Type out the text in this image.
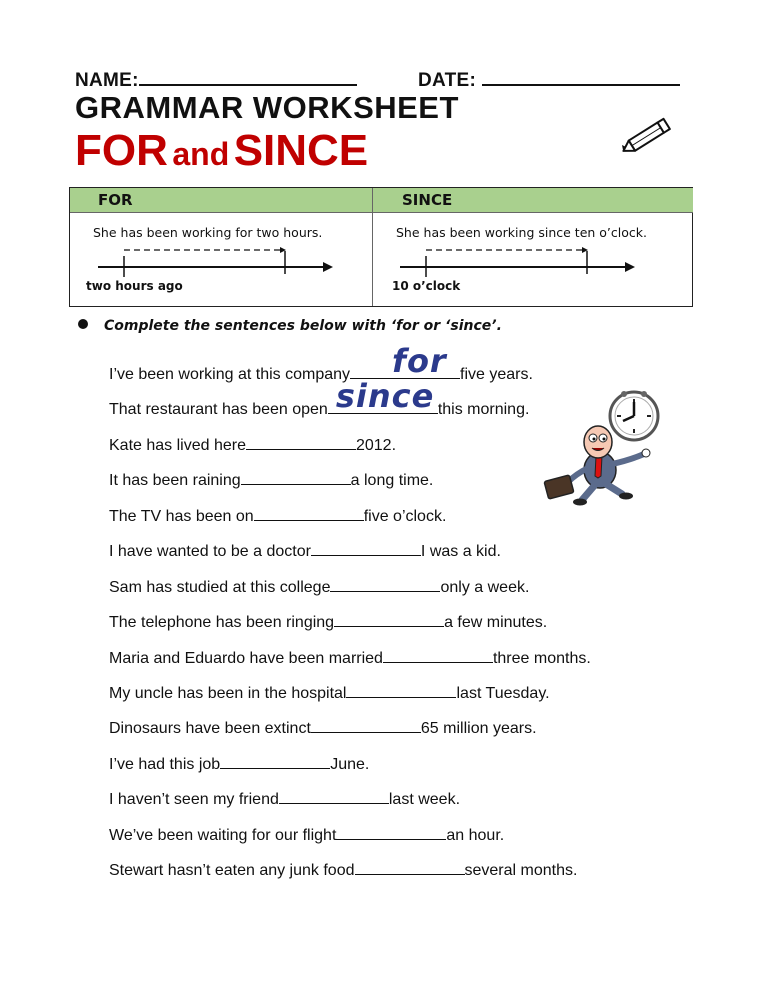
NAME:	DATE:
GRAMMAR WORKSHEET
FOR and SINCE
FOR	SINCE
She has been working for two hours.	She has been working since ten o’clock.
two hours ago	10 o’clock
Complete the sentences below with ‘for or ‘since’.
I’ve been working at this company for five years.
That restaurant has been open since this morning.
Kate has lived here	2012.
It has been raining	a long time.
The TV has been on	five o’clock.
I have wanted to be a doctor	I was a kid.
Sam has studied at this college	only a week.
The telephone has been ringing	a few minutes.
Maria and Eduardo have been married	three months.
My uncle has been in the hospital	last Tuesday.
Dinosaurs have been extinct	65 million years.
I’ve had this job	June.
I haven’t seen my friend	last week.
We’ve been waiting for our flight	an hour.
Stewart hasn’t eaten any junk food	several months.
